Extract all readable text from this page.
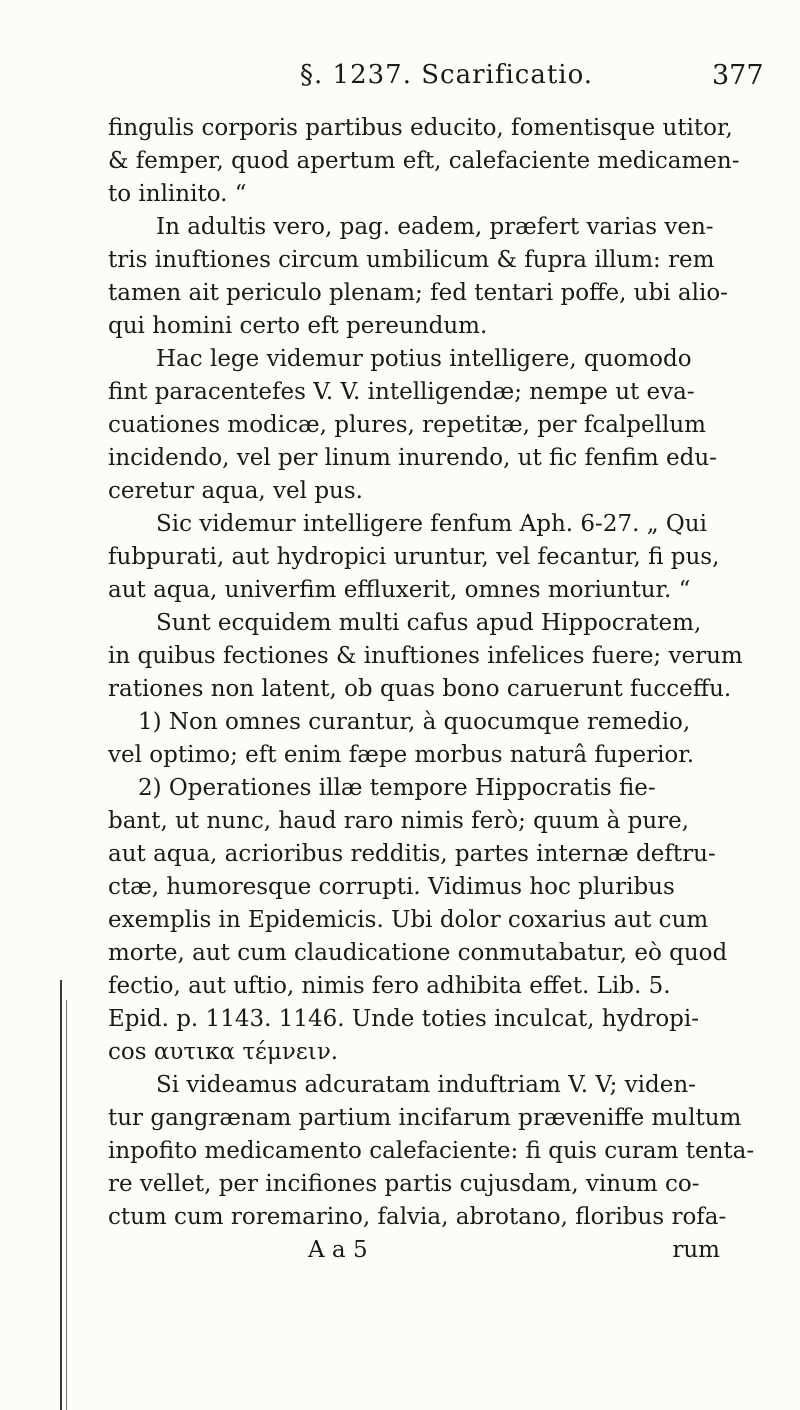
§. 1237. Scarificatio.	377
fingulis corporis partibus educito, fomentisque utitor,
& femper, quod apertum eft, calefaciente medicamen-
to inlinito. “
In adultis vero, pag. eadem, præfert varias ven-
tris inuftiones circum umbilicum & fupra illum: rem
tamen ait periculo plenam; fed tentari poffe, ubi alio-
qui homini certo eft pereundum.
Hac lege videmur potius intelligere, quomodo
fint paracentefes V. V. intelligendæ; nempe ut eva-
cuationes modicæ, plures, repetitæ, per fcalpellum
incidendo, vel per linum inurendo, ut fic fenfim edu-
ceretur aqua, vel pus.
Sic videmur intelligere fenfum Aph. 6-27. „ Qui
fubpurati, aut hydropici uruntur, vel fecantur, fi pus,
aut aqua, univerfim effluxerit, omnes moriuntur. “
Sunt ecquidem multi cafus apud Hippocratem,
in quibus fectiones & inuftiones infelices fuere; verum
rationes non latent, ob quas bono caruerunt fucceffu.
1) Non omnes curantur, à quocumque remedio,
vel optimo; eft enim fæpe morbus naturâ fuperior.
2) Operationes illæ tempore Hippocratis fie-
bant, ut nunc, haud raro nimis ferò; quum à pure,
aut aqua, acrioribus redditis, partes internæ deftru-
ctæ, humoresque corrupti. Vidimus hoc pluribus
exemplis in Epidemicis. Ubi dolor coxarius aut cum
morte, aut cum claudicatione conmutabatur, eò quod
fectio, aut uftio, nimis fero adhibita effet. Lib. 5.
Epid. p. 1143. 1146. Unde toties inculcat, hydropi-
cos αυτικα τέμνειν.
Si videamus adcuratam induftriam V. V; viden-
tur gangrænam partium incifarum præveniffe multum
inpofito medicamento calefaciente: fi quis curam tenta-
re vellet, per incifiones partis cujusdam, vinum co-
ctum cum roremarino, falvia, abrotano, floribus rofa-
A a 5	rum
